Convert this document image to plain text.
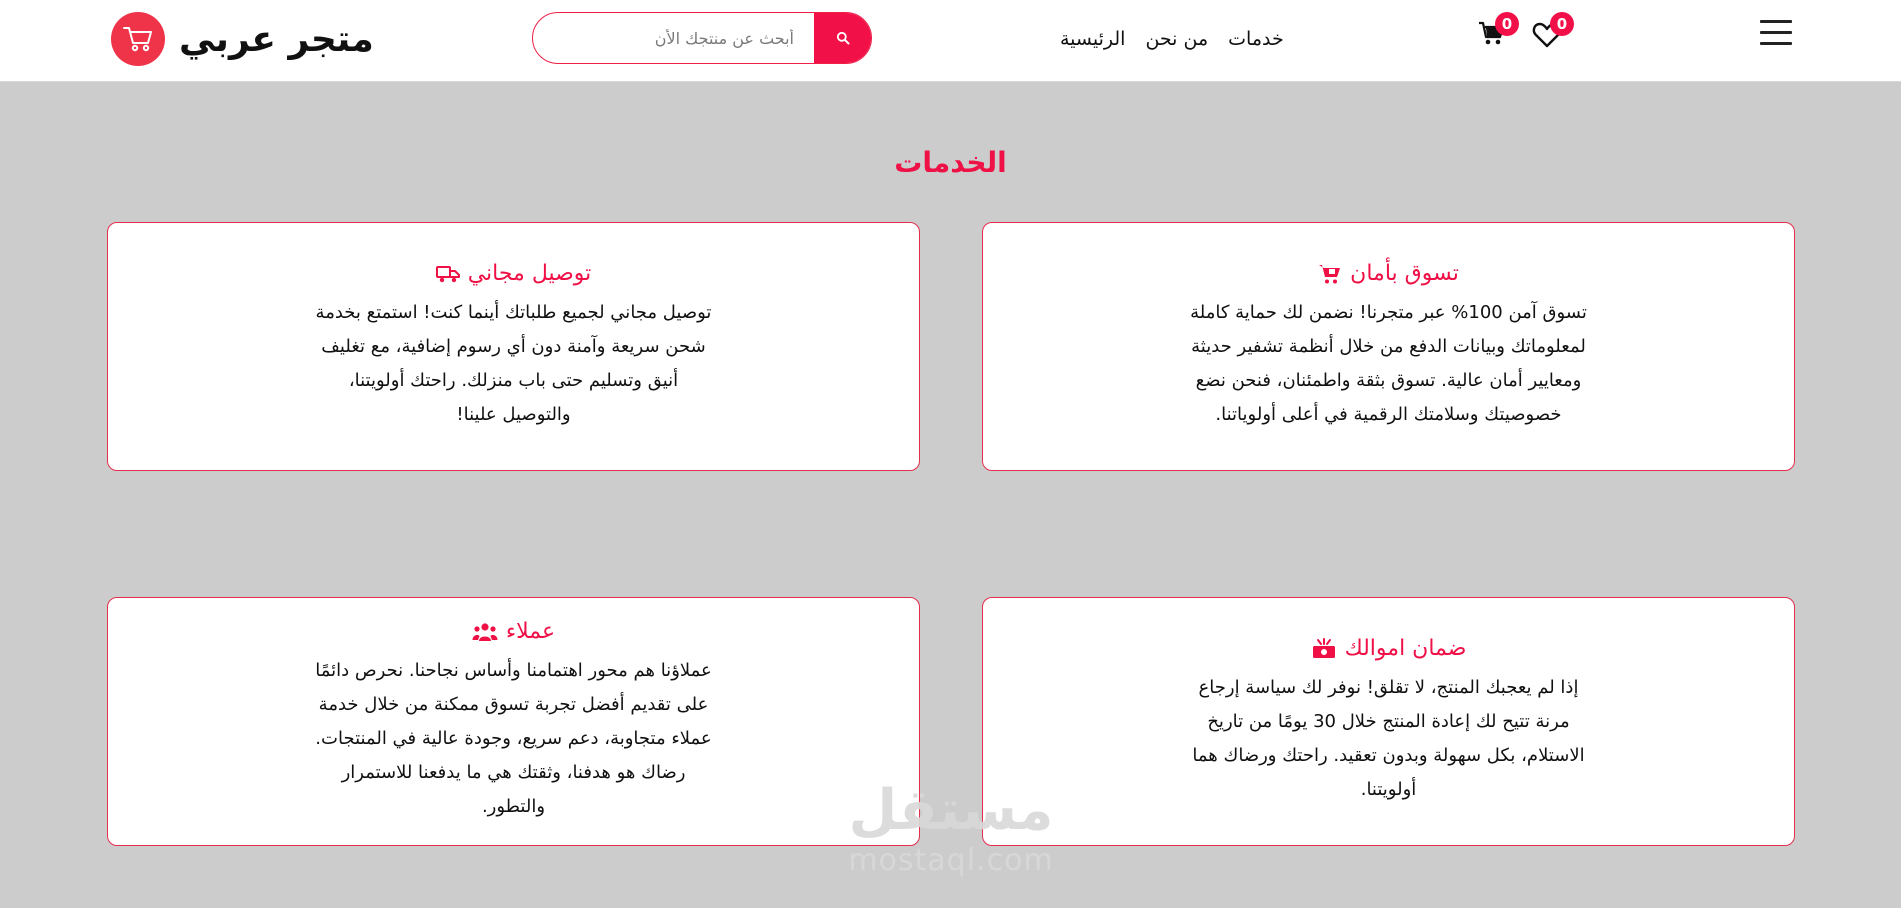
متجر عربي
أبحث عن منتجك الأن	الرئيسية من نحن خدمات
0	0
الخدمات
تسوق بأمان

تسوق آمن 100% عبر متجرنا! نضمن لك حماية كاملة لمعلوماتك وبيانات الدفع من خلال أنظمة تشفير حديثة ومعايير أمان عالية. تسوق بثقة واطمئنان، فنحن نضع خصوصيتك وسلامتك الرقمية في أعلى أولوياتنا.

توصيل مجاني

توصيل مجاني لجميع طلباتك أينما كنت! استمتع بخدمة شحن سريعة وآمنة دون أي رسوم إضافية، مع تغليف أنيق وتسليم حتى باب منزلك. راحتك أولويتنا، والتوصيل علينا!

ضمان اموالك

إذا لم يعجبك المنتج، لا تقلق! نوفر لك سياسة إرجاع مرنة تتيح لك إعادة المنتج خلال 30 يومًا من تاريخ الاستلام، بكل سهولة وبدون تعقيد. راحتك ورضاك هما أولويتنا.

عملاء

عملاؤنا هم محور اهتمامنا وأساس نجاحنا. نحرص دائمًا على تقديم أفضل تجربة تسوق ممكنة من خلال خدمة عملاء متجاوبة، دعم سريع، وجودة عالية في المنتجات. رضاك هو هدفنا، وثقتك هي ما يدفعنا للاستمرار والتطور.	مستقل
mostaql.com
